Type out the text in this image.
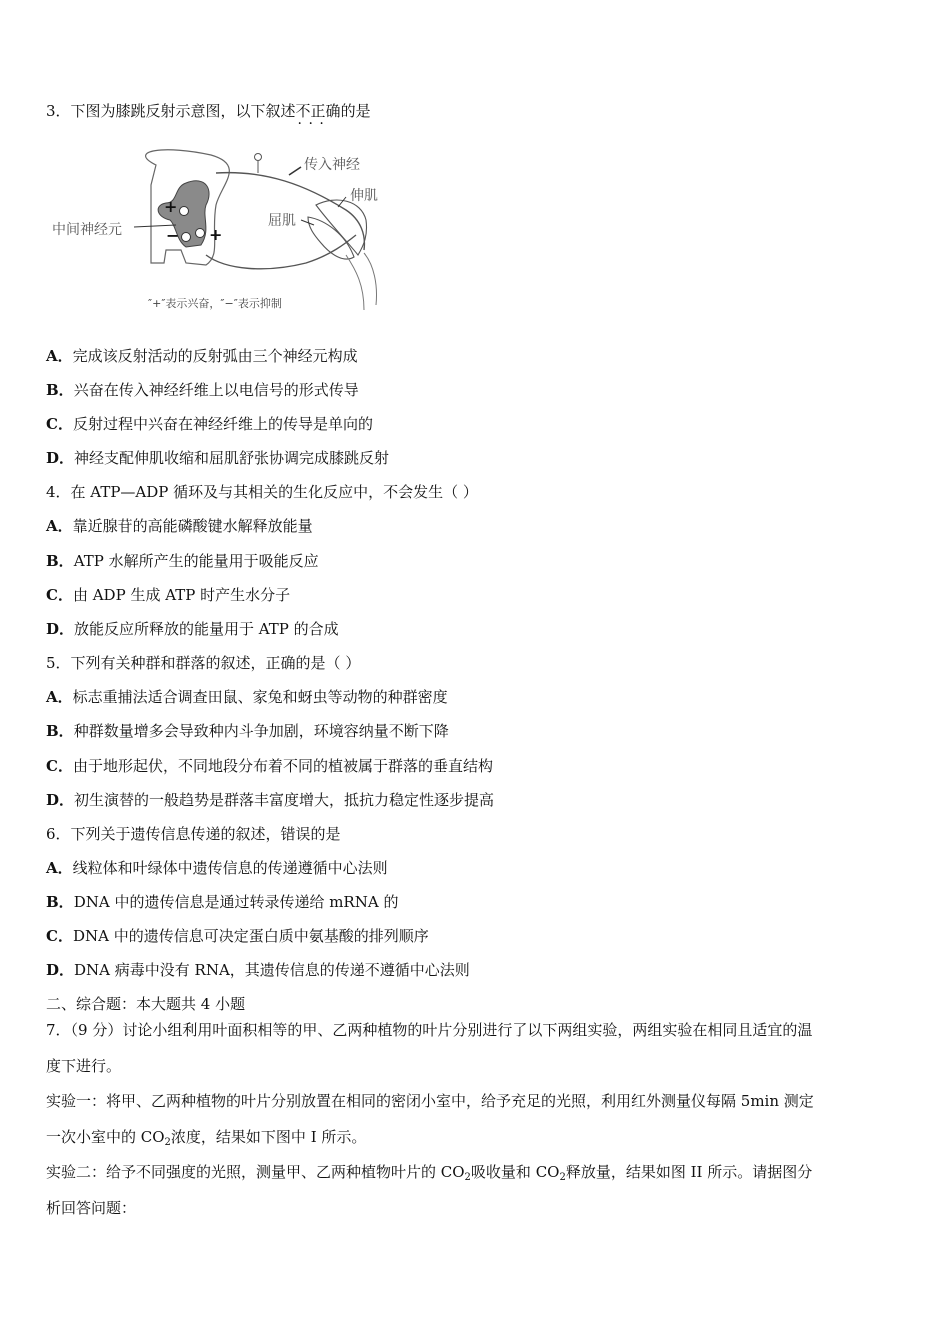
3．下图为膝跳反射示意图，以下叙述不正确 · · ·的是
+
− +
传入神经
伸肌
屈肌
中间神经元
″+″表示兴奋，″−″表示抑制
A．完成该反射活动的反射弧由三个神经元构成
B．兴奋在传入神经纤维上以电信号的形式传导
C．反射过程中兴奋在神经纤维上的传导是单向的
D．神经支配伸肌收缩和屈肌舒张协调完成膝跳反射
4．在 ATP—ADP 循环及与其相关的生化反应中，不会发生（ ）
A．靠近腺苷的高能磷酸键水解释放能量
B．ATP 水解所产生的能量用于吸能反应
C．由 ADP 生成 ATP 时产生水分子
D．放能反应所释放的能量用于 ATP 的合成
5．下列有关种群和群落的叙述，正确的是（ ）
A．标志重捕法适合调查田鼠、家兔和蚜虫等动物的种群密度
B．种群数量增多会导致种内斗争加剧，环境容纳量不断下降
C．由于地形起伏，不同地段分布着不同的植被属于群落的垂直结构
D．初生演替的一般趋势是群落丰富度增大，抵抗力稳定性逐步提高
6．下列关于遗传信息传递的叙述，错误的是
A．线粒体和叶绿体中遗传信息的传递遵循中心法则
B．DNA 中的遗传信息是通过转录传递给 mRNA 的
C．DNA 中的遗传信息可决定蛋白质中氨基酸的排列顺序
D．DNA 病毒中没有 RNA，其遗传信息的传递不遵循中心法则
二、综合题：本大题共 4 小题
7．（9 分）讨论小组利用叶面积相等的甲、乙两种植物的叶片分别进行了以下两组实验，两组实验在相同且适宜的温
度下进行。
实验一：将甲、乙两种植物的叶片分别放置在相同的密闭小室中，给予充足的光照，利用红外测量仪每隔 5min 测定
一次小室中的 $CO_2$浓度，结果如下图中 I 所示。
实验二：给予不同强度的光照，测量甲、乙两种植物叶片的 $CO_2$吸收量和 $CO_2$释放量，结果如图 II 所示。请据图分
析回答问题：
